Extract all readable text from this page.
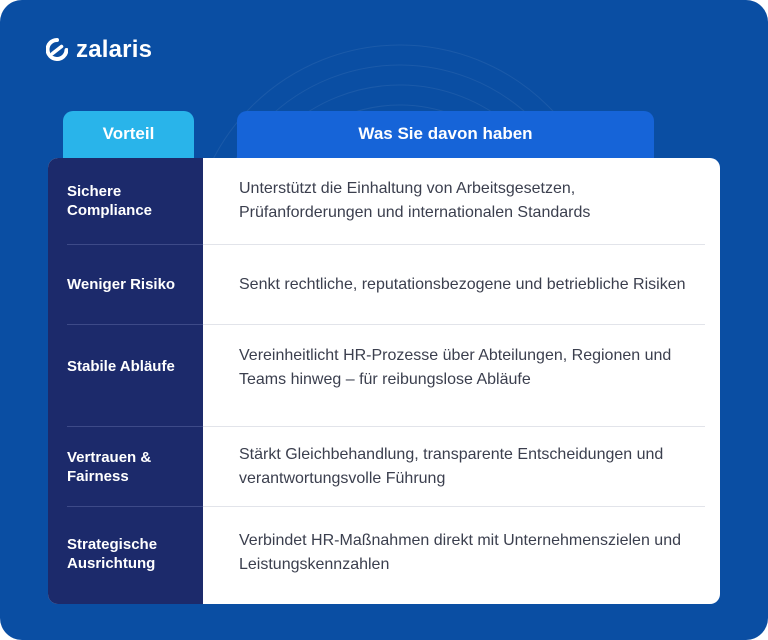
zalaris
Vorteil	Was Sie davon haben
Sichere Compliance
Unterstützt die Einhaltung von Arbeitsgesetzen, Prüfanforderungen und internationalen Standards
Weniger Risiko	Senkt rechtliche, reputationsbezogene und betriebliche Risiken
Stabile Abläufe
Vereinheitlicht HR-Prozesse über Abteilungen, Regionen und Teams hinweg – für reibungslose Abläufe
Vertrauen & Fairness
Stärkt Gleichbehandlung, transparente Entscheidungen und verantwortungsvolle Führung
Strategische Ausrichtung
Verbindet HR-Maßnahmen direkt mit Unternehmenszielen und Leistungskennzahlen
